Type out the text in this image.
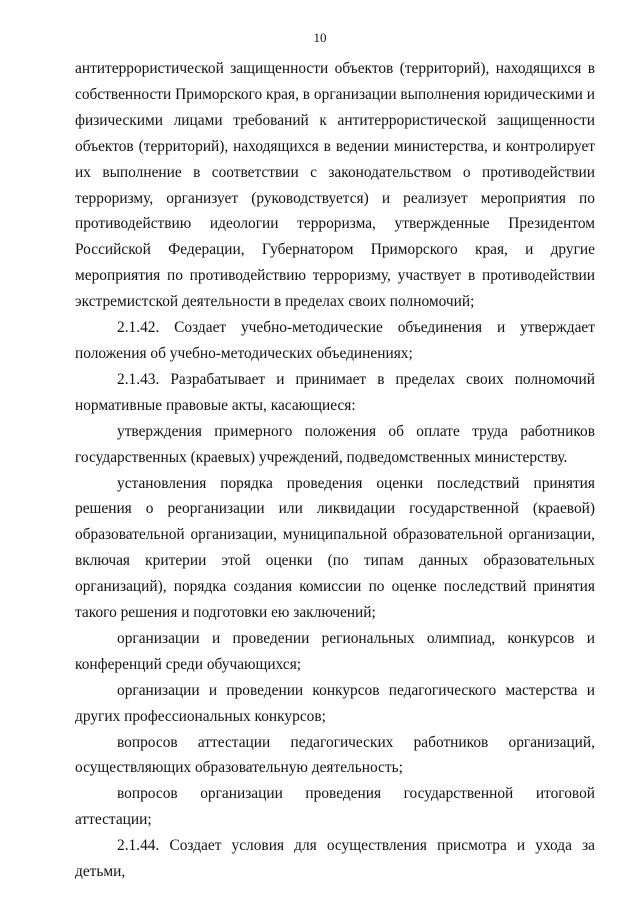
10

антитеррористической защищенности объектов (территорий), находящихся в собственности Приморского края, в организации выполнения юридическими и физическими лицами требований к антитеррористической защищенности объектов (территорий), находящихся в ведении министерства, и контролирует их выполнение в соответствии с законодательством о противодействии терроризму, организует (руководствуется) и реализует мероприятия по противодействию идеологии терроризма, утвержденные Президентом Российской Федерации, Губернатором Приморского края, и другие мероприятия по противодействию терроризму, участвует в противодействии экстремистской деятельности в пределах своих полномочий;

2.1.42. Создает учебно-методические объединения и утверждает положения об учебно-методических объединениях;

2.1.43. Разрабатывает и принимает в пределах своих полномочий нормативные правовые акты, касающиеся:

утверждения примерного положения об оплате труда работников государственных (краевых) учреждений, подведомственных министерству.

установления порядка проведения оценки последствий принятия решения о реорганизации или ликвидации государственной (краевой) образовательной организации, муниципальной образовательной организации, включая критерии этой оценки (по типам данных образовательных организаций), порядка создания комиссии по оценке последствий принятия такого решения и подготовки ею заключений;

организации и проведении региональных олимпиад, конкурсов и конференций среди обучающихся;

организации и проведении конкурсов педагогического мастерства и других профессиональных конкурсов;

вопросов аттестации педагогических работников организаций, осуществляющих образовательную деятельность;

вопросов организации проведения государственной итоговой аттестации;

2.1.44. Создает условия для осуществления присмотра и ухода за детьми,
